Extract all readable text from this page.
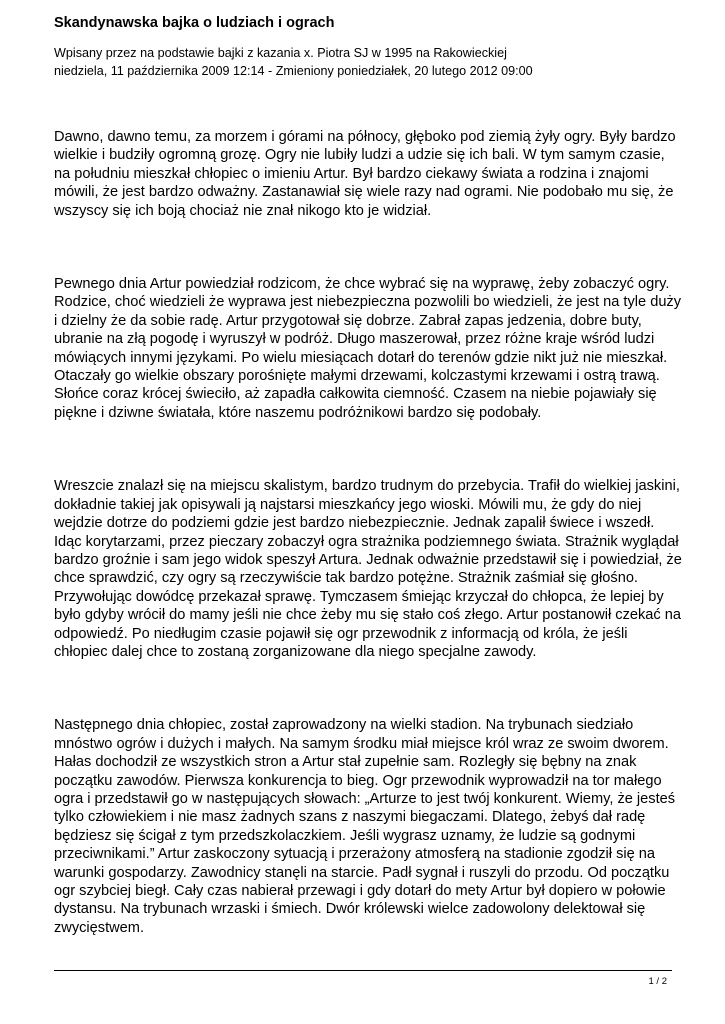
Skandynawska bajka o ludziach i ograch
Wpisany przez na podstawie bajki z kazania x. Piotra SJ w 1995 na Rakowieckiej
niedziela, 11 października 2009 12:14 - Zmieniony poniedziałek, 20 lutego 2012 09:00

Dawno, dawno temu, za morzem i górami na północy, głęboko pod ziemią żyły ogry. Były bardzo wielkie i budziły ogromną grozę. Ogry nie lubiły ludzi a udzie się ich bali. W tym samym czasie, na południu mieszkał chłopiec o imieniu Artur. Był bardzo ciekawy świata a rodzina i znajomi mówili, że jest bardzo odważny. Zastanawiał się wiele razy nad ogrami. Nie podobało mu się, że wszyscy się ich boją chociaż nie znał nikogo kto je widział.

Pewnego dnia Artur powiedział rodzicom, że chce wybrać się na wyprawę, żeby zobaczyć ogry. Rodzice, choć wiedzieli że wyprawa jest niebezpieczna pozwolili bo wiedzieli, że jest na tyle duży i dzielny że da sobie radę. Artur przygotował się dobrze. Zabrał zapas jedzenia, dobre buty, ubranie na złą pogodę i wyruszył w podróż. Długo maszerował, przez różne kraje wśród ludzi mówiących innymi językami. Po wielu miesiącach dotarł do terenów gdzie nikt już nie mieszkał. Otaczały go wielkie obszary porośnięte małymi drzewami, kolczastymi krzewami i ostrą trawą. Słońce coraz krócej świeciło, aż zapadła całkowita ciemność. Czasem na niebie pojawiały się piękne i dziwne światała, które naszemu podróżnikowi bardzo się podobały.

Wreszcie znalazł się na miejscu skalistym, bardzo trudnym do przebycia. Trafił do wielkiej jaskini, dokładnie takiej jak opisywali ją najstarsi mieszkańcy jego wioski. Mówili mu, że gdy do niej wejdzie dotrze do podziemi gdzie jest bardzo niebezpiecznie. Jednak zapalił świece i wszedł. Idąc korytarzami, przez pieczary zobaczył ogra strażnika podziemnego świata. Strażnik wyglądał bardzo groźnie i sam jego widok speszył Artura. Jednak odważnie przedstawił się i powiedział, że chce sprawdzić, czy ogry są rzeczywiście tak bardzo potężne. Strażnik zaśmiał się głośno. Przywołując dowódcę przekazał sprawę. Tymczasem śmiejąc krzyczał do chłopca, że lepiej by było gdyby wrócił do mamy jeśli nie chce żeby mu się stało coś złego. Artur postanowił czekać na odpowiedź. Po niedługim czasie pojawił się ogr przewodnik z informacją od króla, że jeśli chłopiec dalej chce to zostaną zorganizowane dla niego specjalne zawody.

Następnego dnia chłopiec, został zaprowadzony na wielki stadion. Na trybunach siedziało mnóstwo ogrów i dużych i małych. Na samym środku miał miejsce król wraz ze swoim dworem. Hałas dochodził ze wszystkich stron a Artur stał zupełnie sam. Rozległy się bębny na znak początku zawodów. Pierwsza konkurencja to bieg. Ogr przewodnik wyprowadził na tor małego ogra i przedstawił go w następujących słowach: „Arturze to jest twój konkurent. Wiemy, że jesteś tylko człowiekiem i nie masz żadnych szans z naszymi biegaczami. Dlatego, żebyś dał radę będziesz się ścigał z tym przedszkolaczkiem. Jeśli wygrasz uznamy, że ludzie są godnymi przeciwnikami.” Artur zaskoczony sytuacją i przerażony atmosferą na stadionie zgodził się na warunki gospodarzy. Zawodnicy stanęli na starcie. Padł sygnał i ruszyli do przodu. Od początku ogr szybciej biegł. Cały czas nabierał przewagi i gdy dotarł do mety Artur był dopiero w połowie dystansu. Na trybunach wrzaski i śmiech. Dwór królewski wielce zadowolony delektował się zwycięstwem.

1 / 2
